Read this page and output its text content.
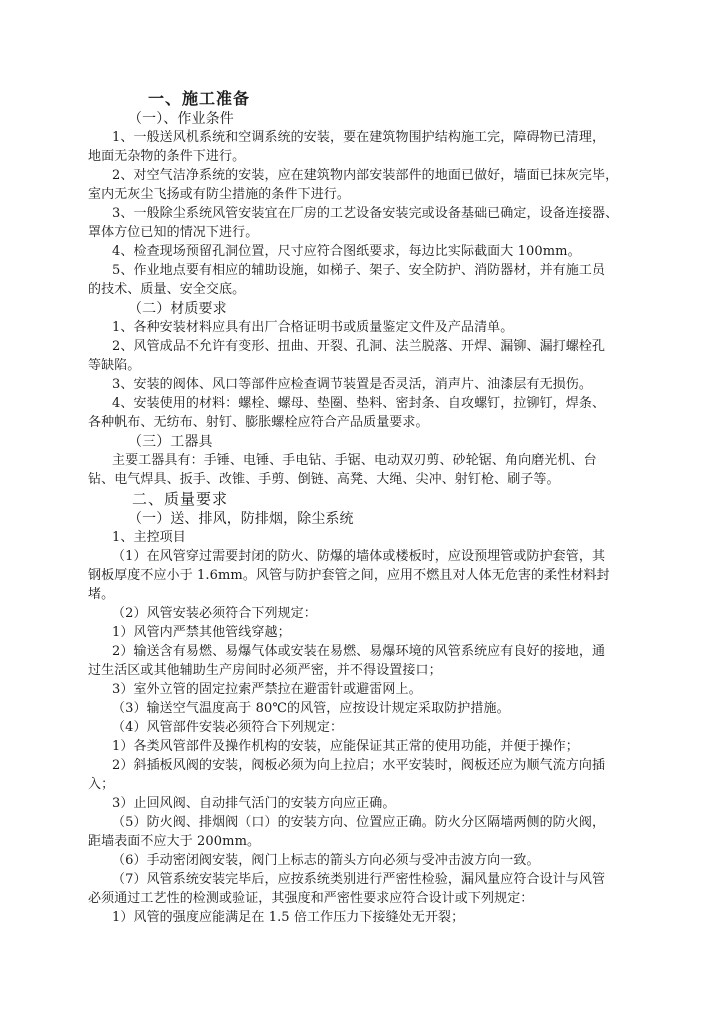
一、施工准备
（一）、作业条件
1、一般送风机系统和空调系统的安装，要在建筑物围护结构施工完，障碍物已清理，
地面无杂物的条件下进行。
2、对空气洁净系统的安装，应在建筑物内部安装部件的地面已做好，墙面已抹灰完毕，
室内无灰尘飞扬或有防尘措施的条件下进行。
3、一般除尘系统风管安装宜在厂房的工艺设备安装完或设备基础已确定，设备连接器、
罩体方位已知的情况下进行。
4、检查现场预留孔洞位置，尺寸应符合图纸要求，每边比实际截面大 100mm。
5、作业地点要有相应的辅助设施，如梯子、架子、安全防护、消防器材，并有施工员
的技术、质量、安全交底。
（二）材质要求
1、各种安装材料应具有出厂合格证明书或质量鉴定文件及产品清单。
2、风管成品不允许有变形、扭曲、开裂、孔洞、法兰脱落、开焊、漏铆、漏打螺栓孔
等缺陷。
3、安装的阀体、风口等部件应检查调节装置是否灵活，消声片、油漆层有无损伤。
4、安装使用的材料：螺栓、螺母、垫圈、垫料、密封条、自攻螺钉，拉铆钉，焊条、
各种帆布、无纺布、射钉、膨胀螺栓应符合产品质量要求。
（三）工器具
主要工器具有：手锤、电锤、手电钻、手锯、电动双刃剪、砂轮锯、角向磨光机、台
钻、电气焊具、扳手、改锥、手剪、倒链、高凳、大绳、尖冲、射钉枪、刷子等。
二、质量要求
（一）送、排风，防排烟，除尘系统
1、主控项目
（1）在风管穿过需要封闭的防火、防爆的墙体或楼板时，应设预埋管或防护套管，其
钢板厚度不应小于 1.6mm。风管与防护套管之间，应用不燃且对人体无危害的柔性材料封
堵。
（2）风管安装必须符合下列规定：
1）风管内严禁其他管线穿越；
2）输送含有易燃、易爆气体或安装在易燃、易爆环境的风管系统应有良好的接地，通
过生活区或其他辅助生产房间时必须严密，并不得设置接口；
3）室外立管的固定拉索严禁拉在避雷针或避雷网上。
（3）输送空气温度高于 80℃的风管，应按设计规定采取防护措施。
（4）风管部件安装必须符合下列规定：
1）各类风管部件及操作机构的安装，应能保证其正常的使用功能，并便于操作；
2）斜插板风阀的安装，阀板必须为向上拉启；水平安装时，阀板还应为顺气流方向插
入；
3）止回风阀、自动排气活门的安装方向应正确。
（5）防火阀、排烟阀（口）的安装方向、位置应正确。防火分区隔墙两侧的防火阀，
距墙表面不应大于 200mm。
（6）手动密闭阀安装，阀门上标志的箭头方向必须与受冲击波方向一致。
（7）风管系统安装完毕后，应按系统类别进行严密性检验，漏风量应符合设计与风管
必须通过工艺性的检测或验证，其强度和严密性要求应符合设计或下列规定：
1）风管的强度应能满足在 1.5 倍工作压力下接缝处无开裂；
